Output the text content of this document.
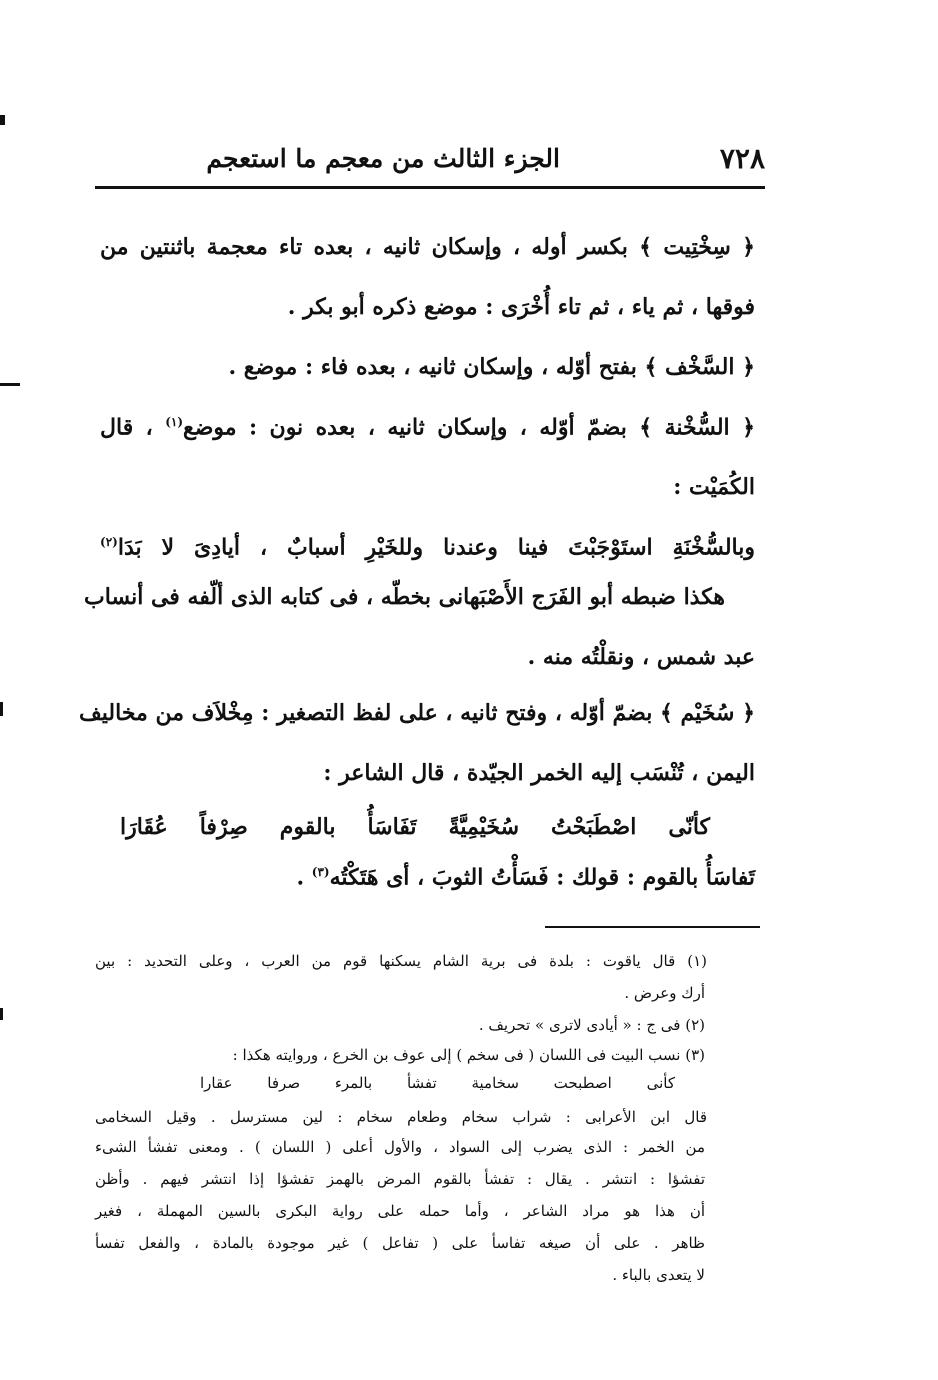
٧٢٨
الجزء الثالث من معجم ما استعجم
﴿ سِخْتِيت ﴾ بكسر أوله ، وإسكان ثانيه ، بعده تاء معجمة باثنتين من
فوقها ، ثم ياء ، ثم تاء أُخْرَى : موضع ذكره أبو بكر .
﴿ السَّخْف ﴾ بفتح أوّله ، وإسكان ثانيه ، بعده فاء : موضع .
﴿ السُّخْنة ﴾ بضمّ أوّله ، وإسكان ثانيه ، بعده نون : موضع$^{(١)}$ ، قال
الكُمَيْت :
وبالسُّخْنَةِ استَوْجَبْتَ فينا وعندنا وللخَيْرِ أسبابٌ ، أيادِىَ لا بَدَا$^{(٢)}$
هكذا ضبطه أبو الفَرَج الأَصْبَهانى بخطّه ، فى كتابه الذى ألّفه فى أنساب
عبد شمس ، ونقلْتُه منه .
﴿ سُخَيْم ﴾ بضمّ أوّله ، وفتح ثانيه ، على لفظ التصغير : مِخْلاَف من مخاليف
اليمن ، تُنْسَب إليه الخمر الجيّدة ، قال الشاعر :
كأنّى اصْطَبَحْتُ سُخَيْمِيَّةً تَفَاسَأُ بالقوم صِرْفاً عُقَارَا
تَفاسَأُ بالقوم : قولك : فَسَأْتُ الثوبَ ، أى هَتَكْتُه$^{(٣)}$ .
(١) قال ياقوت : بلدة فى برية الشام يسكنها قوم من العرب ، وعلى التحديد : بين
أرك وعرض .
(٢) فى ج : « أيادى لاترى » تحريف .
(٣) نسب البيت فى اللسان ( فى سخم ) إلى عوف بن الخرع ، وروايته هكذا :
كأنى اصطبحت سخامية تفشأ بالمرء صرفا عقارا
قال ابن الأعرابى : شراب سخام وطعام سخام : لين مسترسل . وقيل السخامى
من الخمر : الذى يضرب إلى السواد ، والأول أعلى ( اللسان ) . ومعنى تفشأ الشىء
تفشؤا : انتشر . يقال : تفشأ بالقوم المرض بالهمز تفشؤا إذا انتشر فيهم . وأظن
أن هذا هو مراد الشاعر ، وأما حمله على رواية البكرى بالسين المهملة ، فغير
ظاهر . على أن صيغه تفاسأ على ( تفاعل ) غير موجودة بالمادة ، والفعل تفسأ
لا يتعدى بالباء .
